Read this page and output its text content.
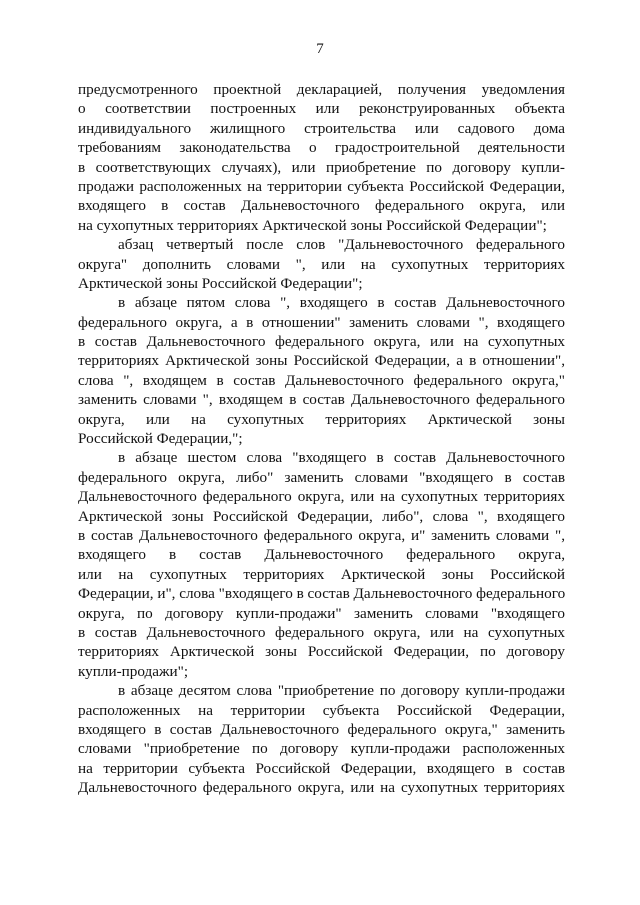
7
предусмотренного проектной декларацией, получения уведомления
о соответствии построенных или реконструированных объекта
индивидуального жилищного строительства или садового дома
требованиям законодательства о градостроительной деятельности
в соответствующих случаях), или приобретение по договору купли-
продажи расположенных на территории субъекта Российской Федерации,
входящего в состав Дальневосточного федерального округа, или
на сухопутных территориях Арктической зоны Российской Федерации";
абзац четвертый после слов "Дальневосточного федерального
округа" дополнить словами ", или на сухопутных территориях
Арктической зоны Российской Федерации";
в абзаце пятом слова ", входящего в состав Дальневосточного
федерального округа, а в отношении" заменить словами ", входящего
в состав Дальневосточного федерального округа, или на сухопутных
территориях Арктической зоны Российской Федерации, а в отношении",
слова ", входящем в состав Дальневосточного федерального округа,"
заменить словами ", входящем в состав Дальневосточного федерального
округа, или на сухопутных территориях Арктической зоны
Российской Федерации,";
в абзаце шестом слова "входящего в состав Дальневосточного
федерального округа, либо" заменить словами "входящего в состав
Дальневосточного федерального округа, или на сухопутных территориях
Арктической зоны Российской Федерации, либо", слова ", входящего
в состав Дальневосточного федерального округа, и" заменить словами ",
входящего в состав Дальневосточного федерального округа,
или на сухопутных территориях Арктической зоны Российской
Федерации, и", слова "входящего в состав Дальневосточного федерального
округа, по договору купли-продажи" заменить словами "входящего
в состав Дальневосточного федерального округа, или на сухопутных
территориях Арктической зоны Российской Федерации, по договору
купли-продажи";
в абзаце десятом слова "приобретение по договору купли-продажи
расположенных на территории субъекта Российской Федерации,
входящего в состав Дальневосточного федерального округа," заменить
словами "приобретение по договору купли-продажи расположенных
на территории субъекта Российской Федерации, входящего в состав
Дальневосточного федерального округа, или на сухопутных территориях
